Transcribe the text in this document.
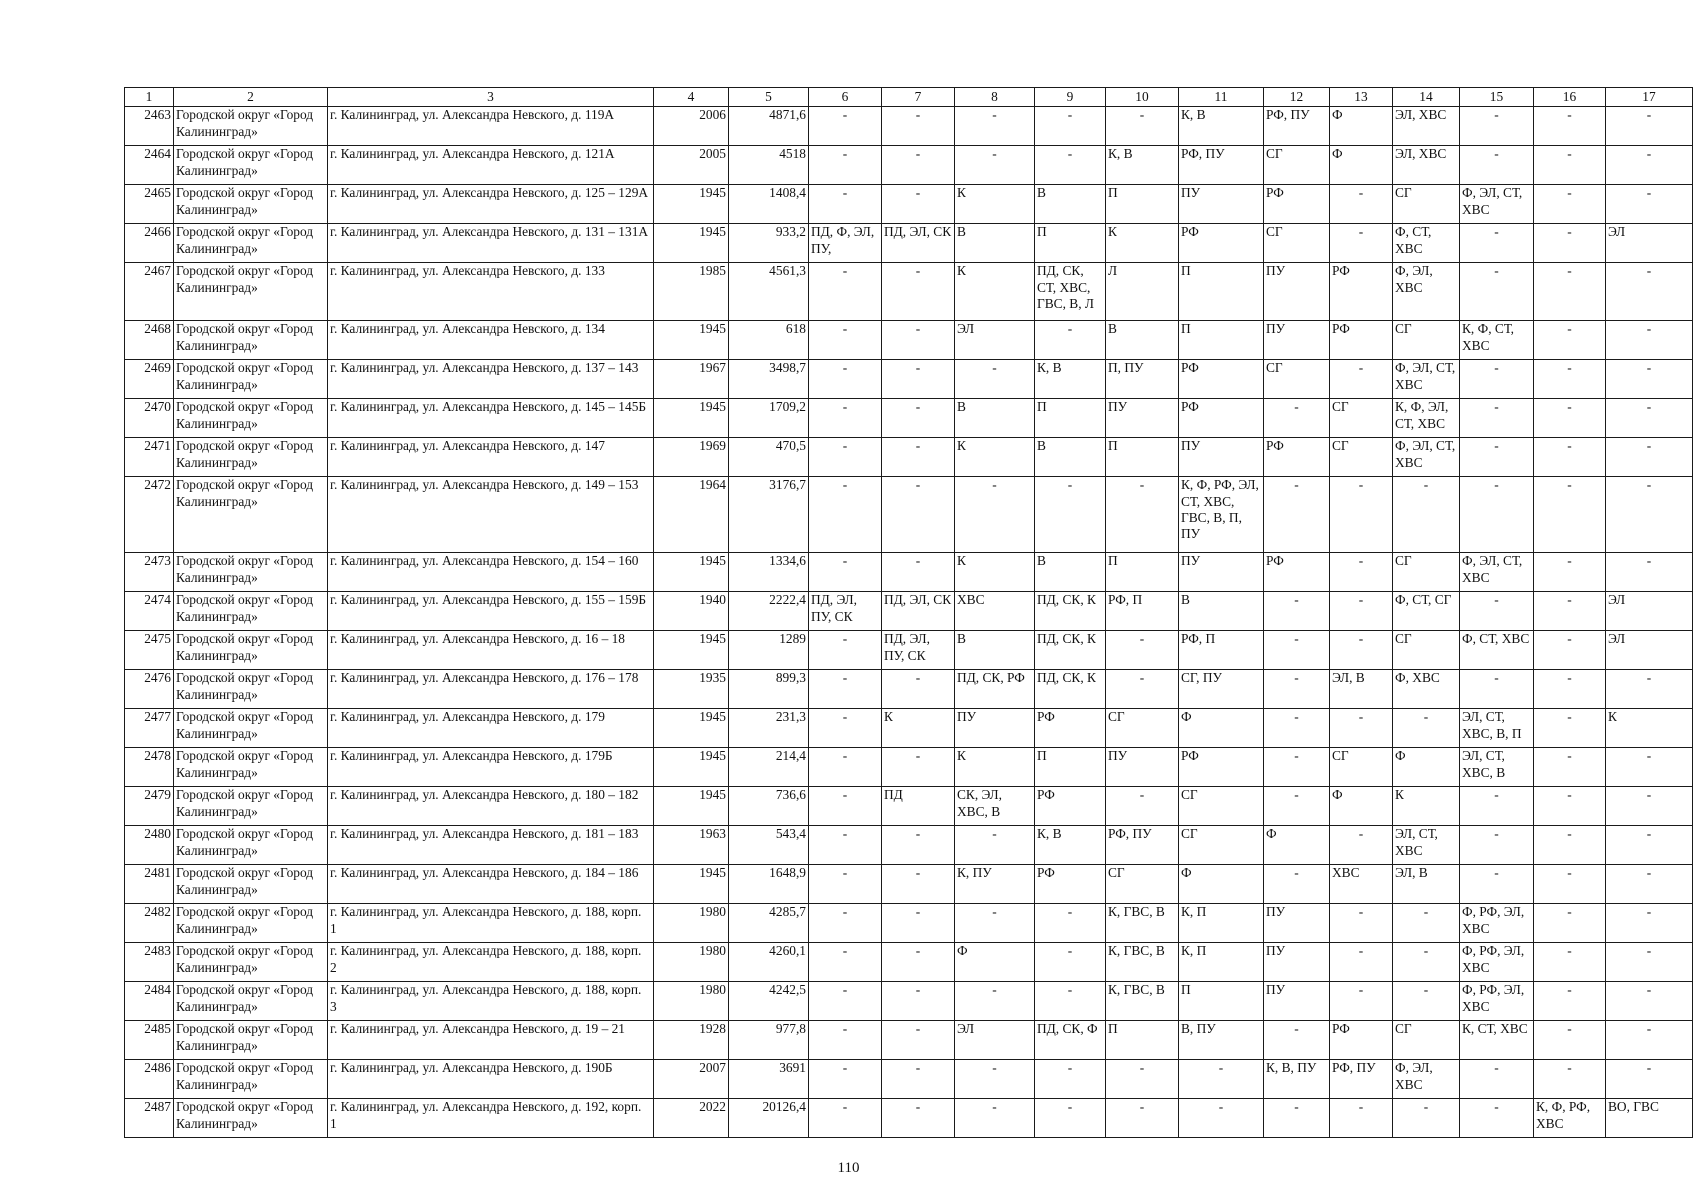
1	2	3	4	5	6	7	8	9	10	11	12	13	14	15	16	17
2463	Городской округ «Город Калининград»	г. Калининград, ул. Александра Невского, д. 119А	2006	4871,6	-	-	-	-	-	К, В	РФ, ПУ	Ф	ЭЛ, ХВС	-	-	-
2464	Городской округ «Город Калининград»	г. Калининград, ул. Александра Невского, д. 121А	2005	4518	-	-	-	-	К, В	РФ, ПУ	СГ	Ф	ЭЛ, ХВС	-	-	-
2465	Городской округ «Город Калининград»	г. Калининград, ул. Александра Невского, д. 125 – 129А	1945	1408,4	-	-	К	В	П	ПУ	РФ	-	СГ	Ф, ЭЛ, СТ, ХВС	-	-
2466	Городской округ «Город Калининград»	г. Калининград, ул. Александра Невского, д. 131 – 131А	1945	933,2	ПД, Ф, ЭЛ, ПУ,	ПД, ЭЛ, СК	В	П	К	РФ	СГ	-	Ф, СТ, ХВС	-	-	ЭЛ
2467	Городской округ «Город Калининград»	г. Калининград, ул. Александра Невского, д. 133	1985	4561,3	-	-	К	ПД, СК, СТ, ХВС, ГВС, В, Л	Л	П	ПУ	РФ	Ф, ЭЛ, ХВС	-	-	-
2468	Городской округ «Город Калининград»	г. Калининград, ул. Александра Невского, д. 134	1945	618	-	-	ЭЛ	-	В	П	ПУ	РФ	СГ	К, Ф, СТ, ХВС	-	-
2469	Городской округ «Город Калининград»	г. Калининград, ул. Александра Невского, д. 137 – 143	1967	3498,7	-	-	-	К, В	П, ПУ	РФ	СГ	-	Ф, ЭЛ, СТ, ХВС	-	-	-
2470	Городской округ «Город Калининград»	г. Калининград, ул. Александра Невского, д. 145 – 145Б	1945	1709,2	-	-	В	П	ПУ	РФ	-	СГ	К, Ф, ЭЛ, СТ, ХВС	-	-	-
2471	Городской округ «Город Калининград»	г. Калининград, ул. Александра Невского, д. 147	1969	470,5	-	-	К	В	П	ПУ	РФ	СГ	Ф, ЭЛ, СТ, ХВС	-	-	-
2472	Городской округ «Город Калининград»	г. Калининград, ул. Александра Невского, д. 149 – 153	1964	3176,7	-	-	-	-	-	К, Ф, РФ, ЭЛ, СТ, ХВС, ГВС, В, П, ПУ	-	-	-	-	-	-
2473	Городской округ «Город Калининград»	г. Калининград, ул. Александра Невского, д. 154 – 160	1945	1334,6	-	-	К	В	П	ПУ	РФ	-	СГ	Ф, ЭЛ, СТ, ХВС	-	-
2474	Городской округ «Город Калининград»	г. Калининград, ул. Александра Невского, д. 155 – 159Б	1940	2222,4	ПД, ЭЛ, ПУ, СК	ПД, ЭЛ, СК	ХВС	ПД, СК, К	РФ, П	В	-	-	Ф, СТ, СГ	-	-	ЭЛ
2475	Городской округ «Город Калининград»	г. Калининград, ул. Александра Невского, д. 16 – 18	1945	1289	-	ПД, ЭЛ, ПУ, СК	В	ПД, СК, К	-	РФ, П	-	-	СГ	Ф, СТ, ХВС	-	ЭЛ
2476	Городской округ «Город Калининград»	г. Калининград, ул. Александра Невского, д. 176 – 178	1935	899,3	-	-	ПД, СК, РФ	ПД, СК, К	-	СГ, ПУ	-	ЭЛ, В	Ф, ХВС	-	-	-
2477	Городской округ «Город Калининград»	г. Калининград, ул. Александра Невского, д. 179	1945	231,3	-	К	ПУ	РФ	СГ	Ф	-	-	-	ЭЛ, СТ, ХВС, В, П	-	К
2478	Городской округ «Город Калининград»	г. Калининград, ул. Александра Невского, д. 179Б	1945	214,4	-	-	К	П	ПУ	РФ	-	СГ	Ф	ЭЛ, СТ, ХВС, В	-	-
2479	Городской округ «Город Калининград»	г. Калининград, ул. Александра Невского, д. 180 – 182	1945	736,6	-	ПД	СК, ЭЛ, ХВС, В	РФ	-	СГ	-	Ф	К	-	-	-
2480	Городской округ «Город Калининград»	г. Калининград, ул. Александра Невского, д. 181 – 183	1963	543,4	-	-	-	К, В	РФ, ПУ	СГ	Ф	-	ЭЛ, СТ, ХВС	-	-	-
2481	Городской округ «Город Калининград»	г. Калининград, ул. Александра Невского, д. 184 – 186	1945	1648,9	-	-	К, ПУ	РФ	СГ	Ф	-	ХВС	ЭЛ, В	-	-	-
2482	Городской округ «Город Калининград»	г. Калининград, ул. Александра Невского, д. 188, корп. 1	1980	4285,7	-	-	-	-	К, ГВС, В	К, П	ПУ	-	-	Ф, РФ, ЭЛ, ХВС	-	-
2483	Городской округ «Город Калининград»	г. Калининград, ул. Александра Невского, д. 188, корп. 2	1980	4260,1	-	-	Ф	-	К, ГВС, В	К, П	ПУ	-	-	Ф, РФ, ЭЛ, ХВС	-	-
2484	Городской округ «Город Калининград»	г. Калининград, ул. Александра Невского, д. 188, корп. 3	1980	4242,5	-	-	-	-	К, ГВС, В	П	ПУ	-	-	Ф, РФ, ЭЛ, ХВС	-	-
2485	Городской округ «Город Калининград»	г. Калининград, ул. Александра Невского, д. 19 – 21	1928	977,8	-	-	ЭЛ	ПД, СК, Ф	П	В, ПУ	-	РФ	СГ	К, СТ, ХВС	-	-
2486	Городской округ «Город Калининград»	г. Калининград, ул. Александра Невского, д. 190Б	2007	3691	-	-	-	-	-	-	К, В, ПУ	РФ, ПУ	Ф, ЭЛ, ХВС	-	-	-
2487	Городской округ «Город Калининград»	г. Калининград, ул. Александра Невского, д. 192, корп. 1	2022	20126,4	-	-	-	-	-	-	-	-	-	-	К, Ф, РФ, ХВС	ВО, ГВС
110
